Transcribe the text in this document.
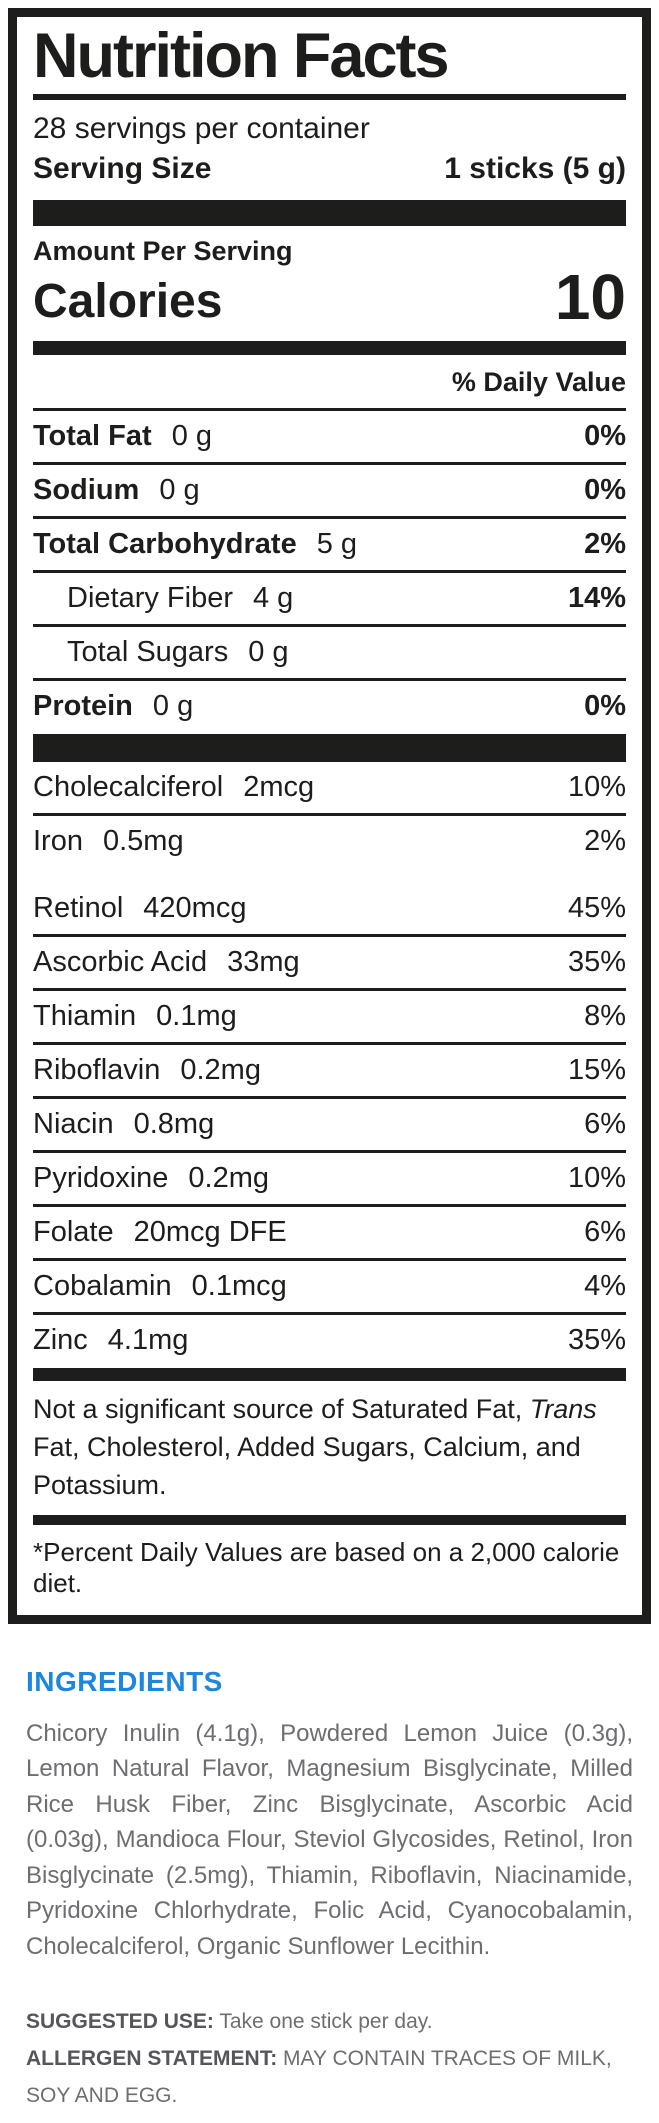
Nutrition Facts
28 servings per container
Serving Size	1 sticks (5 g)
Amount Per Serving
Calories	10
% Daily Value
Total Fat 0 g	0%
Sodium 0 g	0%
Total Carbohydrate 5 g	2%
Dietary Fiber 4 g	14%
Total Sugars 0 g
Protein 0 g	0%
Cholecalciferol 2mcg	10%
Iron 0.5mg	2%
Retinol 420mcg	45%
Ascorbic Acid 33mg	35%
Thiamin 0.1mg	8%
Riboflavin 0.2mg	15%
Niacin 0.8mg	6%
Pyridoxine 0.2mg	10%
Folate 20mcg DFE	6%
Cobalamin 0.1mcg	4%
Zinc 4.1mg	35%
Not a significant source of Saturated Fat, Trans Fat, Cholesterol, Added Sugars, Calcium, and Potassium.
*Percent Daily Values are based on a 2,000 calorie diet.
INGREDIENTS

Chicory Inulin (4.1g), Powdered Lemon Juice (0.3g), Lemon Natural Flavor, Magnesium Bisglycinate, Milled Rice Husk Fiber, Zinc Bisglycinate, Ascorbic Acid (0.03g), Mandioca Flour, Steviol Glycosides, Retinol, Iron Bisglycinate (2.5mg), Thiamin, Riboflavin, Niacinamide, Pyridoxine Chlorhydrate, Folic Acid, Cyanocobalamin, Cholecalciferol, Organic Sunflower Lecithin.

SUGGESTED USE: Take one stick per day.
ALLERGEN STATEMENT: MAY CONTAIN TRACES OF MILK, SOY AND EGG.
